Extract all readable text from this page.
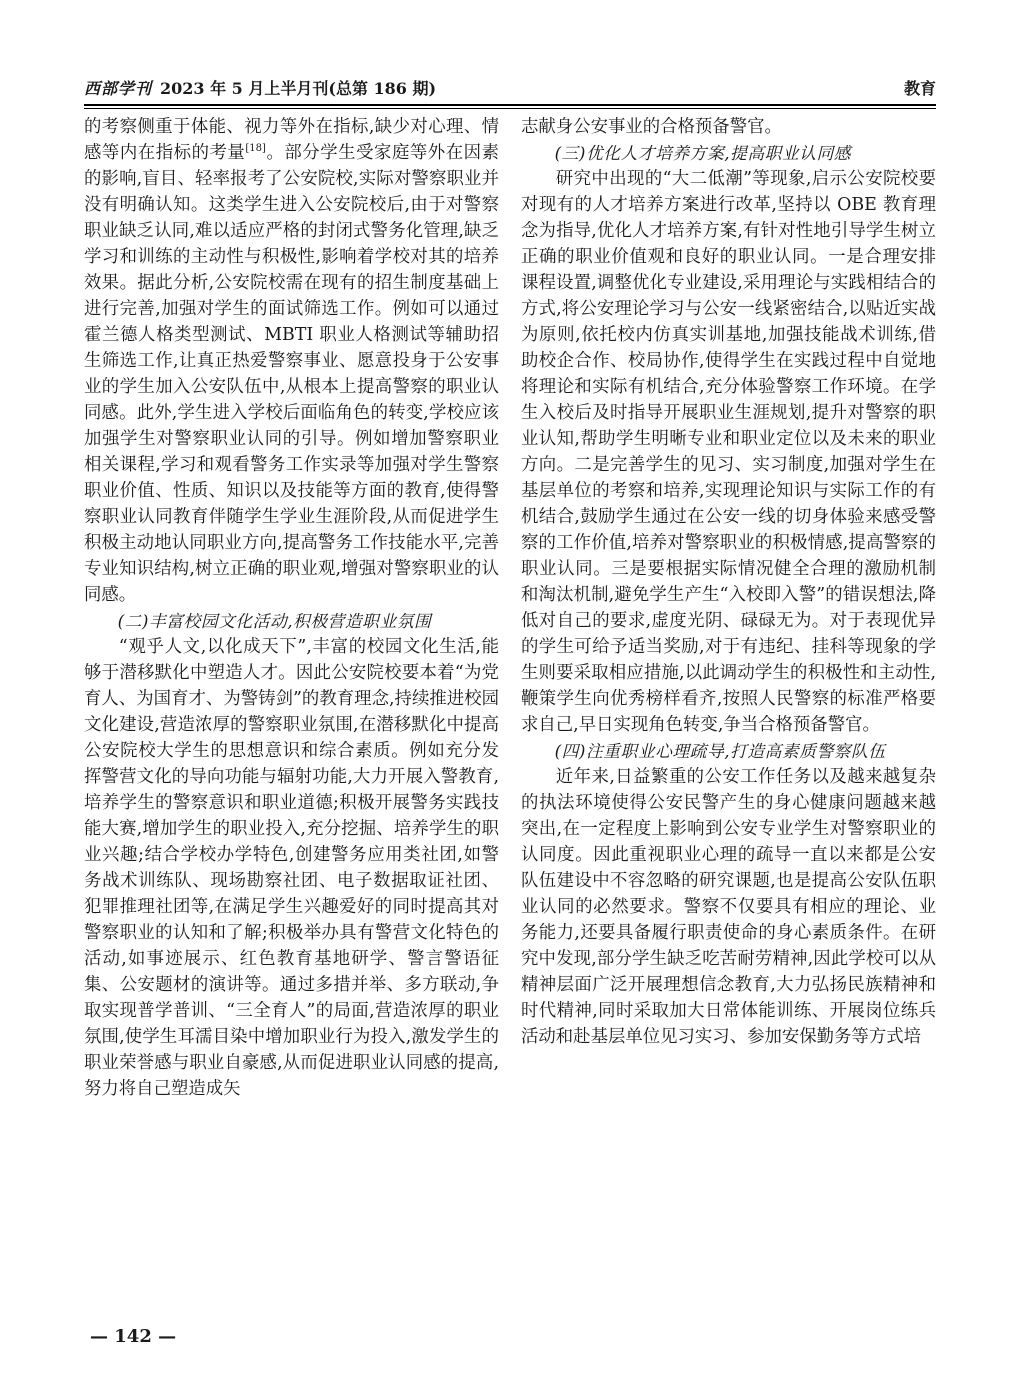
西部学刊 2023 年 5 月上半月刊(总第 186 期)	教育

的考察侧重于体能、视力等外在指标,缺少对心理、情感等内在指标的考量[18]。部分学生受家庭等外在因素的影响,盲目、轻率报考了公安院校,实际对警察职业并没有明确认知。这类学生进入公安院校后,由于对警察职业缺乏认同,难以适应严格的封闭式警务化管理,缺乏学习和训练的主动性与积极性,影响着学校对其的培养效果。据此分析,公安院校需在现有的招生制度基础上进行完善,加强对学生的面试筛选工作。例如可以通过霍兰德人格类型测试、MBTI 职业人格测试等辅助招生筛选工作,让真正热爱警察事业、愿意投身于公安事业的学生加入公安队伍中,从根本上提高警察的职业认同感。此外,学生进入学校后面临角色的转变,学校应该加强学生对警察职业认同的引导。例如增加警察职业相关课程,学习和观看警务工作实录等加强对学生警察职业价值、性质、知识以及技能等方面的教育,使得警察职业认同教育伴随学生学业生涯阶段,从而促进学生积极主动地认同职业方向,提高警务工作技能水平,完善专业知识结构,树立正确的职业观,增强对警察职业的认同感。

(二)丰富校园文化活动,积极营造职业氛围

“观乎人文,以化成天下”,丰富的校园文化生活,能够于潜移默化中塑造人才。因此公安院校要本着“为党育人、为国育才、为警铸剑”的教育理念,持续推进校园文化建设,营造浓厚的警察职业氛围,在潜移默化中提高公安院校大学生的思想意识和综合素质。例如充分发挥警营文化的导向功能与辐射功能,大力开展入警教育,培养学生的警察意识和职业道德;积极开展警务实践技能大赛,增加学生的职业投入,充分挖掘、培养学生的职业兴趣;结合学校办学特色,创建警务应用类社团,如警务战术训练队、现场勘察社团、电子数据取证社团、犯罪推理社团等,在满足学生兴趣爱好的同时提高其对警察职业的认知和了解;积极举办具有警营文化特色的活动,如事迹展示、红色教育基地研学、警言警语征集、公安题材的演讲等。通过多措并举、多方联动,争取实现普学普训、“三全育人”的局面,营造浓厚的职业氛围,使学生耳濡目染中增加职业行为投入,激发学生的职业荣誉感与职业自豪感,从而促进职业认同感的提高,努力将自己塑造成矢

志献身公安事业的合格预备警官。

(三)优化人才培养方案,提高职业认同感

研究中出现的“大二低潮”等现象,启示公安院校要对现有的人才培养方案进行改革,坚持以 OBE 教育理念为指导,优化人才培养方案,有针对性地引导学生树立正确的职业价值观和良好的职业认同。一是合理安排课程设置,调整优化专业建设,采用理论与实践相结合的方式,将公安理论学习与公安一线紧密结合,以贴近实战为原则,依托校内仿真实训基地,加强技能战术训练,借助校企合作、校局协作,使得学生在实践过程中自觉地将理论和实际有机结合,充分体验警察工作环境。在学生入校后及时指导开展职业生涯规划,提升对警察的职业认知,帮助学生明晰专业和职业定位以及未来的职业方向。二是完善学生的见习、实习制度,加强对学生在基层单位的考察和培养,实现理论知识与实际工作的有机结合,鼓励学生通过在公安一线的切身体验来感受警察的工作价值,培养对警察职业的积极情感,提高警察的职业认同。三是要根据实际情况健全合理的激励机制和淘汰机制,避免学生产生“入校即入警”的错误想法,降低对自己的要求,虚度光阴、碌碌无为。对于表现优异的学生可给予适当奖励,对于有违纪、挂科等现象的学生则要采取相应措施,以此调动学生的积极性和主动性,鞭策学生向优秀榜样看齐,按照人民警察的标准严格要求自己,早日实现角色转变,争当合格预备警官。

(四)注重职业心理疏导,打造高素质警察队伍

近年来,日益繁重的公安工作任务以及越来越复杂的执法环境使得公安民警产生的身心健康问题越来越突出,在一定程度上影响到公安专业学生对警察职业的认同度。因此重视职业心理的疏导一直以来都是公安队伍建设中不容忽略的研究课题,也是提高公安队伍职业认同的必然要求。警察不仅要具有相应的理论、业务能力,还要具备履行职责使命的身心素质条件。在研究中发现,部分学生缺乏吃苦耐劳精神,因此学校可以从精神层面广泛开展理想信念教育,大力弘扬民族精神和时代精神,同时采取加大日常体能训练、开展岗位练兵活动和赴基层单位见习实习、参加安保勤务等方式培

— 142 —
